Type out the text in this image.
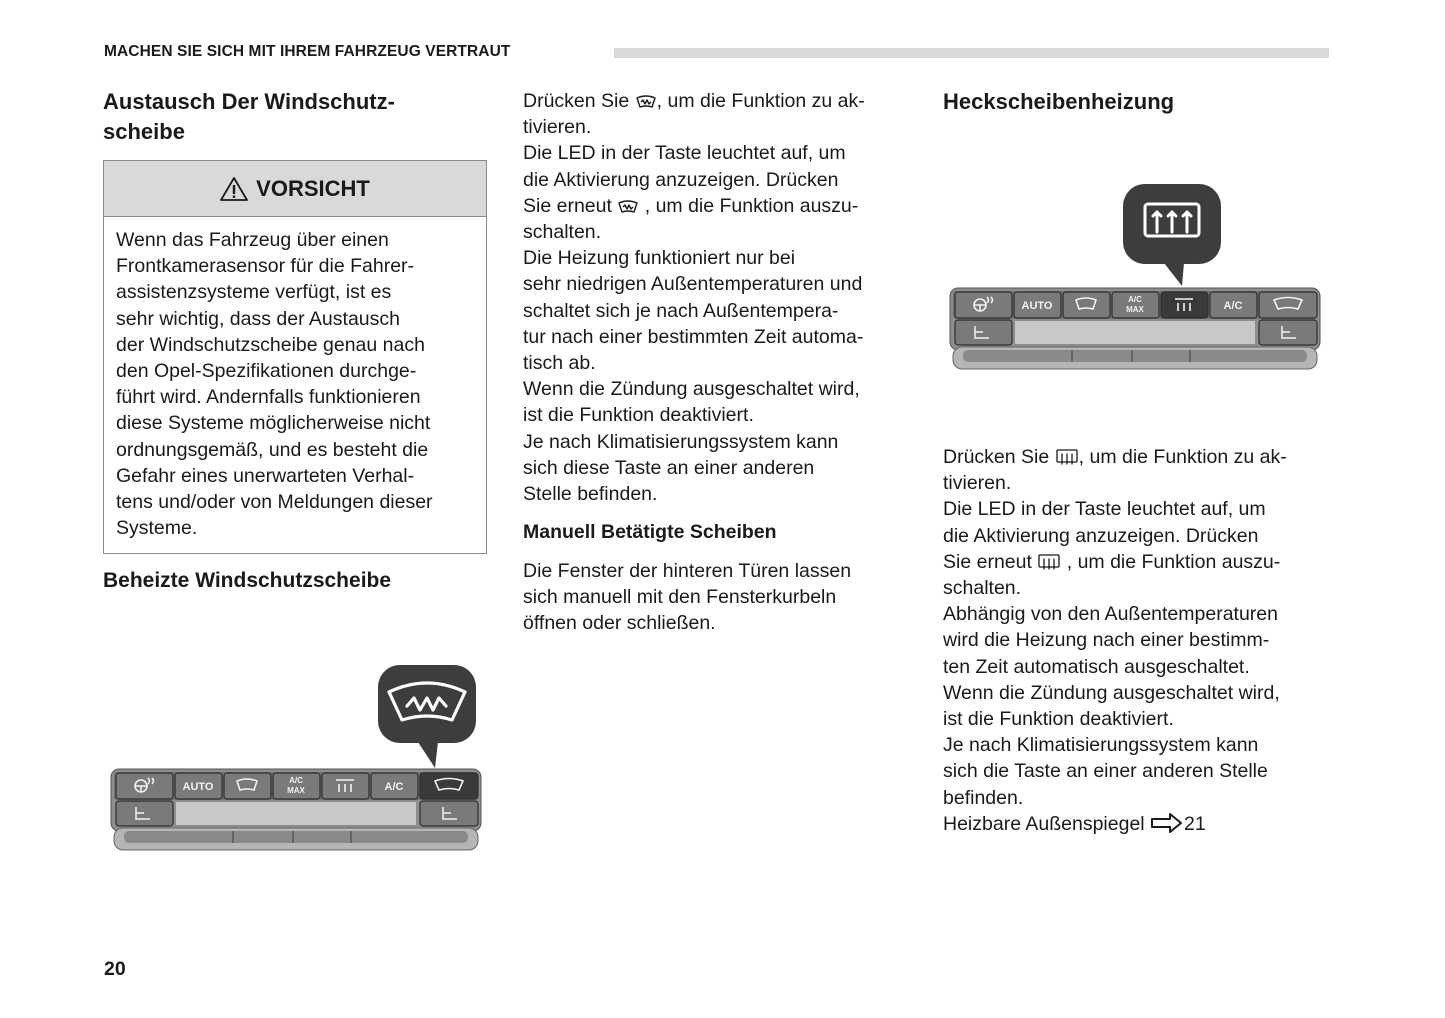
MACHEN SIE SICH MIT IHREM FAHRZEUG VERTRAUT
Austausch Der Windschutz-
scheibe
VORSICHT
Wenn das Fahrzeug über einen
Frontkamerasensor für die Fahrer-
assistenzsysteme verfügt, ist es
sehr wichtig, dass der Austausch
der Windschutzscheibe genau nach
den Opel-Spezifikationen durchge-
führt wird. Andernfalls funktionieren
diese Systeme möglicherweise nicht
ordnungsgemäß, und es besteht die
Gefahr eines unerwarteten Verhal-
tens und/oder von Meldungen dieser
Systeme.
Beheizte Windschutzscheibe
AUTO
A/C
MAX	A/C
Drücken Sie , um die Funktion zu ak-
tivieren.
Die LED in der Taste leuchtet auf, um
die Aktivierung anzuzeigen. Drücken
Sie erneut  , um die Funktion auszu-
schalten.
Die Heizung funktioniert nur bei
sehr niedrigen Außentemperaturen und
schaltet sich je nach Außentempera-
tur nach einer bestimmten Zeit automa-
tisch ab.
Wenn die Zündung ausgeschaltet wird,
ist die Funktion deaktiviert.
Je nach Klimatisierungssystem kann
sich diese Taste an einer anderen
Stelle befinden.
Manuell Betätigte Scheiben
Die Fenster der hinteren Türen lassen
sich manuell mit den Fensterkurbeln
öffnen oder schließen.
Heckscheibenheizung
AUTO
A/C
MAX	A/C
Drücken Sie , um die Funktion zu ak-
tivieren.
Die LED in der Taste leuchtet auf, um
die Aktivierung anzuzeigen. Drücken
Sie erneut  , um die Funktion auszu-
schalten.
Abhängig von den Außentemperaturen
wird die Heizung nach einer bestimm-
ten Zeit automatisch ausgeschaltet.
Wenn die Zündung ausgeschaltet wird,
ist die Funktion deaktiviert.
Je nach Klimatisierungssystem kann
sich die Taste an einer anderen Stelle
befinden.
Heizbare Außenspiegel 21
20
